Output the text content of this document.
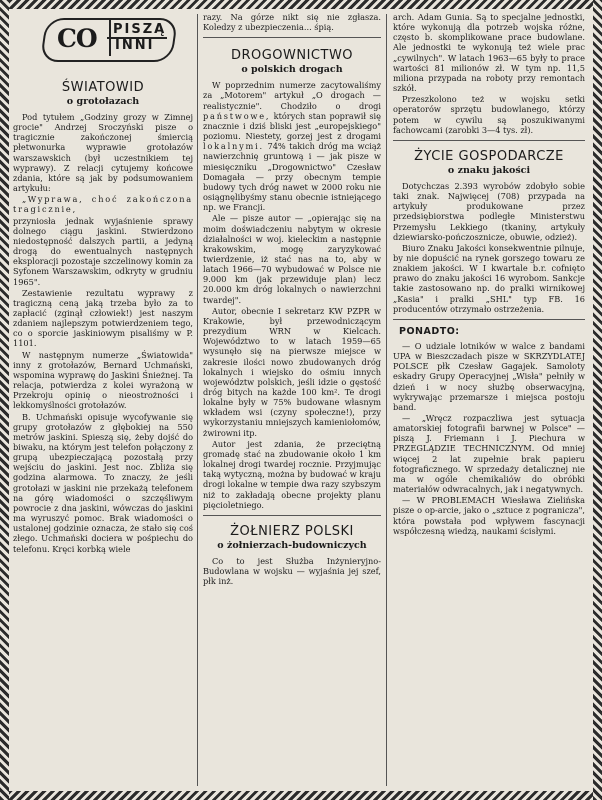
CO PISZĄ
INNI
ŚWIATOWID
o grotołazach

Pod tytułem „Godziny grozy w Zimnej grocie" Andrzej Sroczyński pisze o tragicznie zakończonej śmiercią płetwonurka wyprawie grotołazów warszawskich (był uczestnikiem tej wyprawy). Z relacji cytujemy końcowe zdania, które są jak by podsumowaniem artykułu:

„Wyprawa, choć zakończona tragicznie,

przyniosła jednak wyjaśnienie sprawy dolnego ciągu jaskini. Stwierdzono niedostępność dalszych partii, a jedyną drogą do ewentualnych następnych eksploracji pozostaje szczelinowy komin za Syfonem Warszawskim, odkryty w grudniu 1965".

Zestawienie rezultatu wyprawy z tragiczną ceną jaką trzeba było za to zapłacić (zginął człowiek!) jest naszym zdaniem najlepszym potwierdzeniem tego, co o sporcie jaskiniowym pisaliśmy w P. 1101.

W następnym numerze „Światowida" inny z grotołazów, Bernard Uchmański, wspomina wyprawę do Jaskini Śnieżnej. Ta relacja, potwierdza z kolei wyrażoną w Przekroju opinię o nieostrożności i lekkomyślności grotołazów.

B. Uchmański opisuje wycofywanie się grupy grotołazów z głębokiej na 550 metrów jaskini. Spieszą się, żeby dojść do biwaku, na którym jest telefon połączony z grupą ubezpieczającą pozostałą przy wejściu do jaskini. Jest noc. Zbliża się godzina alarmowa. To znaczy, że jeśli grotołazi w jaskini nie przekażą telefonem na górę wiadomości o szczęśliwym powrocie z dna jaskini, wówczas do jaskini ma wyruszyć pomoc. Brak wiadomości o ustalonej godzinie oznacza, że stało się coś złego. Uchmański dociera w pośpiechu do telefonu. Kręci korbką wiele

razy. Na górze nikt się nie zgłasza. Koledzy z ubezpieczenia... śpią.

DROGOWNICTWO
o polskich drogach

W poprzednim numerze zacytowaliśmy za „Motorem" artykuł „O drogach — realistycznie". Chodziło o drogi państwowe, których stan poprawił się znacznie i dziś bliski jest „europejskiego" poziomu. Niestety, gorzej jest z drogami lokalnymi. 74% takich dróg ma wciąż nawierzchnię gruntową i — jak pisze w miesięczniku „Drogownictwo" Czesław Domagała — przy obecnym tempie budowy tych dróg nawet w 2000 roku nie osiągnęlibyśmy stanu obecnie istniejącego np. we Francji.

Ale — pisze autor — „opierając się na moim doświadczeniu nabytym w okresie działalności w woj. kieleckim a następnie krakowskim, mogę zaryzykować twierdzenie, iż stać nas na to, aby w latach 1966—70 wybudować w Polsce nie 9.000 km (jak przewiduje plan) lecz 20.000 km dróg lokalnych o nawierzchni twardej".

Autor, obecnie I sekretarz KW PZPR w Krakowie, był przewodniczącym prezydium WRN w Kielcach. Województwo to w latach 1959—65 wysunęło się na pierwsze miejsce w zakresie ilości nowo zbudowanych dróg lokalnych i wiejsko do ośmiu innych województw polskich, jeśli idzie o gęstość dróg bitych na każde 100 km². Te drogi lokalne były w 75% budowane własnym wkładem wsi (czyny społeczne!), przy wykorzystaniu mniejszych kamieniołomów, żwirowni itp.

Autor jest zdania, że przeciętną gromadę stać na zbudowanie około 1 km lokalnej drogi twardej rocznie. Przyjmując taką wytyczną, można by budować w kraju drogi lokalne w tempie dwa razy szybszym niż to zakładają obecne projekty planu pięcioletniego.

ŻOŁNIERZ POLSKI
o żołnierzach-budowniczych

Co to jest Służba Inżynieryjno-Budowlana w wojsku — wyjaśnia jej szef, płk inż.

arch. Adam Gunia. Są to specjalne jednostki, które wykonują dla potrzeb wojska różne, często b. skomplikowane prace budowlane. Ale jednostki te wykonują też wiele prac „cywilnych". W latach 1963—65 były to prace wartości 81 milionów zł. W tym np. 11,5 miliona przypada na roboty przy remontach szkół.

Przeszkolono też w wojsku setki operatorów sprzętu budowlanego, którzy potem w cywilu są poszukiwanymi fachowcami (zarobki 3—4 tys. zł).

ŻYCIE GOSPODARCZE
o znaku jakości

Dotychczas 2.393 wyrobów zdobyło sobie taki znak. Najwięcej (708) przypada na artykuły produkowane przez przedsiębiorstwa podległe Ministerstwu Przemysłu Lekkiego (tkaniny, artykuły dziewiarsko-pończosznicze, obuwie, odzież).

Biuro Znaku Jakości konsekwentnie pilnuje, by nie dopuścić na rynek gorszego towaru ze znakiem jakości. W I kwartale b.r. cofnięto prawo do znaku jakości 16 wyrobom. Sankcje takie zastosowano np. do pralki wirnikowej „Kasia" i pralki „SHL" typ FB. 16 producentów otrzymało ostrzeżenia.

PONADTO:

— O udziale lotników w walce z bandami UPA w Bieszczadach pisze w SKRZYDLATEJ POLSCE płk Czesław Gagajek. Samoloty eskadry Grupy Operacyjnej „Wisła" pełniły w dzień i w nocy służbę obserwacyjną, wykrywając przemarsze i miejsca postoju band.

— „Wręcz rozpaczliwa jest sytuacja amatorskiej fotografii barwnej w Polsce" — piszą J. Friemann i J. Piechura w PRZEGLĄDZIE TECHNICZNYM. Od mniej więcej 2 lat zupełnie brak papieru fotograficznego. W sprzedaży detalicznej nie ma w ogóle chemikaliów do obróbki materiałów odwracalnych, jak i negatywnych.

— W PROBLEMACH Wiesława Zielińska pisze o op-arcie, jako o „sztuce z pogranicza", która powstała pod wpływem fascynacji współczesną wiedzą, naukami ścisłymi.
